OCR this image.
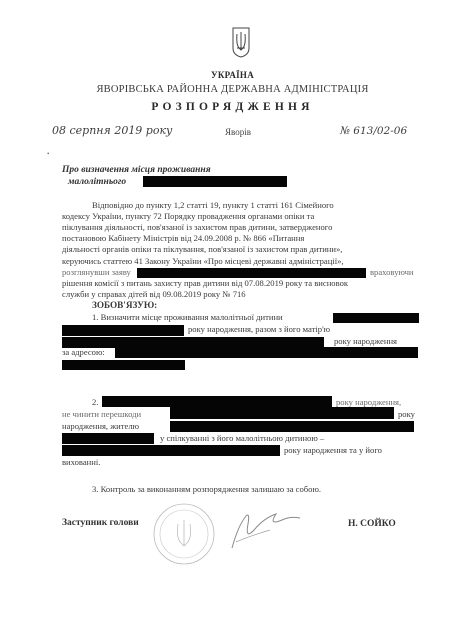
УКРАЇНА
ЯВОРІВСЬКА РАЙОННА ДЕРЖАВНА АДМІНІСТРАЦІЯ
РОЗПОРЯДЖЕННЯ
08 серпня 2019 року	Яворів	№ 613/02-06
•
Про визначення місця проживання
малолітнього
Відповідно до пункту 1,2 статті 19, пункту 1 статті 161 Сімейного
кодексу України, пункту 72 Порядку провадження органами опіки та
піклування діяльності, пов'язаної із захистом прав дитини, затвердженого
постановою Кабінету Міністрів від 24.09.2008 р. № 866 «Питання
діяльності органів опіки та піклування, пов'язаної із захистом прав дитини»,
керуючись статтею 41 Закону України «Про місцеві державні адміністрації»,
розглянувши заяву	враховуючи
рішення комісії з питань захисту прав дитини від 07.08.2019 року та висновок
служби у справах дітей від 09.08.2019 року № 716
ЗОБОВ'ЯЗУЮ:
1. Визначити місце проживання малолітньої дитини
року народження, разом з його матір'ю
року народження
за адресою:
2.	року народження,
не чинити перешкоди	року
народження, жителю
у спілкуванні з його малолітньою дитиною –
року народження та у його
вихованні.
3. Контроль за виконанням розпорядження залишаю за собою.
Заступник голови	Н. СОЙКО
